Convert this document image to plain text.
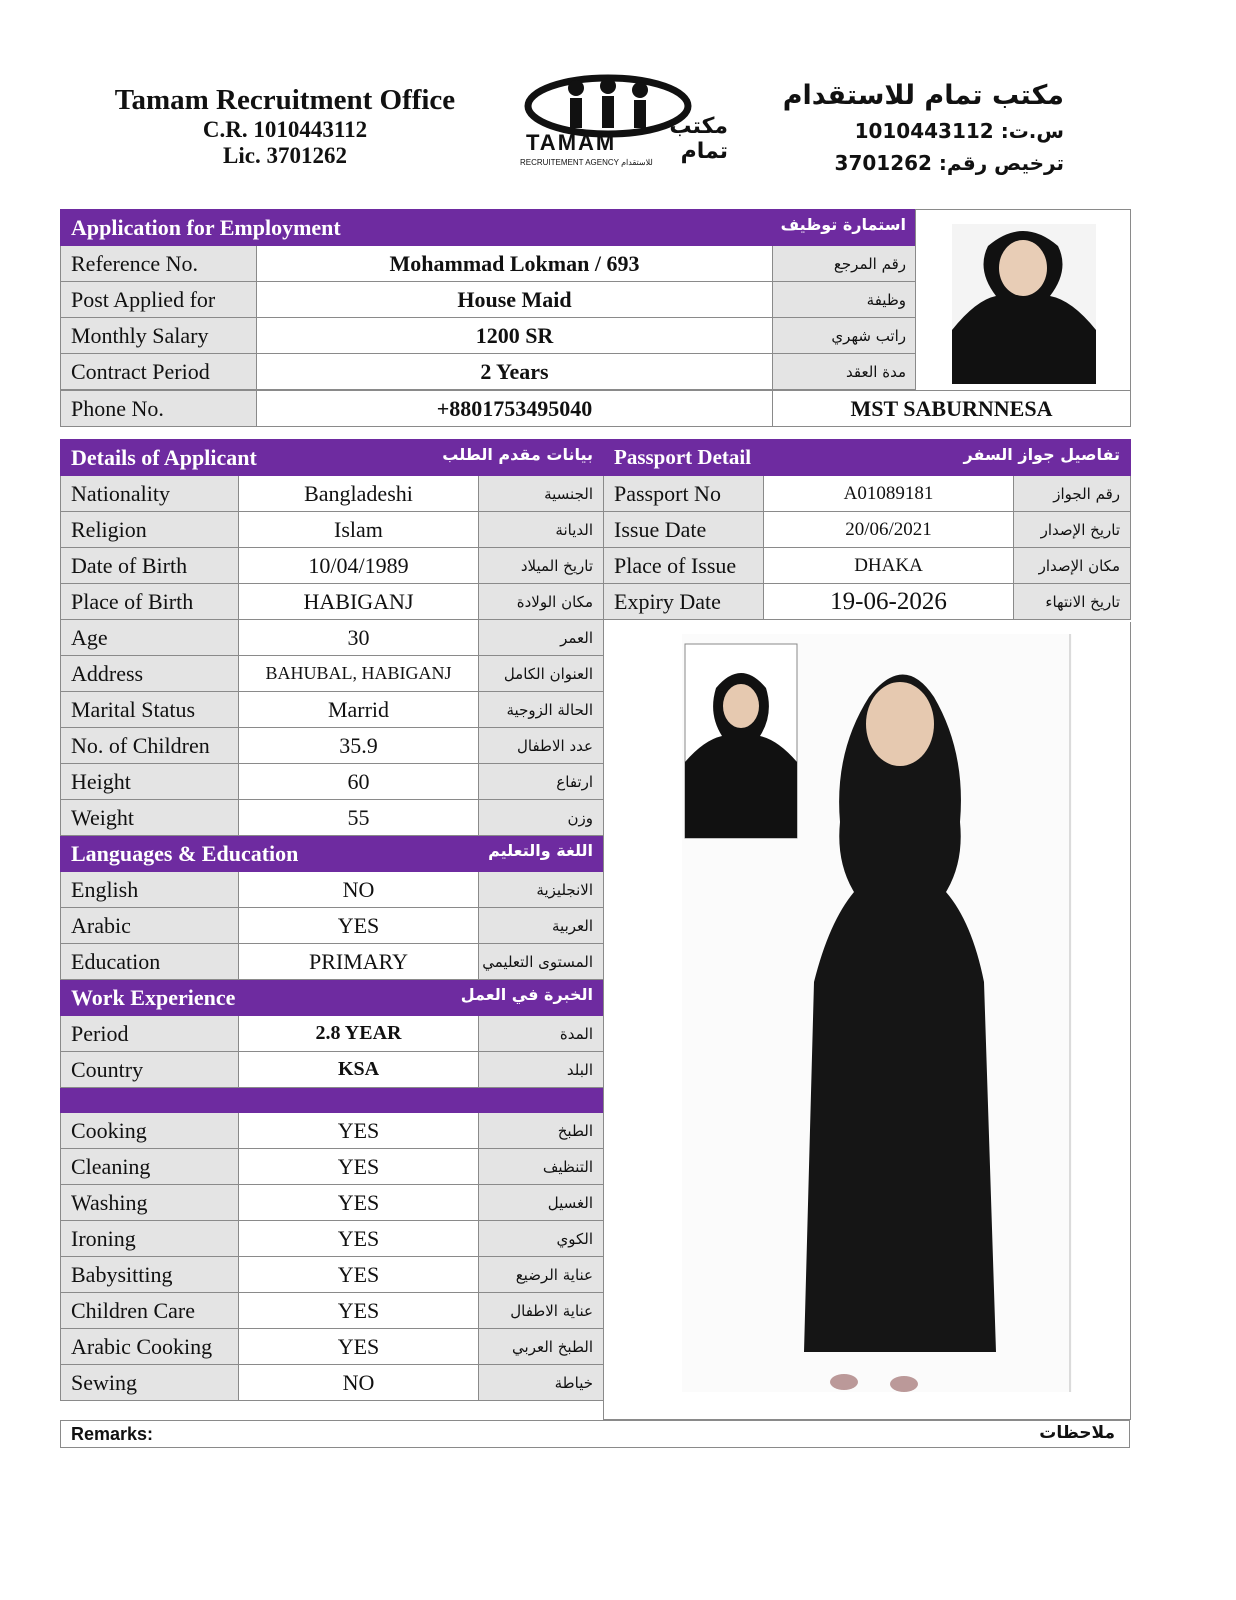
Tamam Recruitment Office
C.R. 1010443112
Lic. 3701262
TAMAM
مكتب تمام
RECRUITEMENT AGENCY للاستقدام
مكتب تمام للاستقدام
س.ت: 1010443112
ترخيص رقم: 3701262
Application for Employment استمارة توظيف		

Reference No.	Mohammad Lokman / 693	رقم المرجع
Post Applied for	House Maid	وظيفة
Monthly Salary	1200 SR	راتب شهري
Contract Period	2 Years	مدة العقد
Phone No.	+8801753495040	MST SABURNNESA
Details of Applicant بيانات مقدم الطلب		

Nationality	Bangladeshi	الجنسية
Religion	Islam	الديانة
Date of Birth	10/04/1989	تاريخ الميلاد
Place of Birth	HABIGANJ	مكان الولادة
Age	30	العمر
Address	BAHUBAL, HABIGANJ	العنوان الكامل
Marital Status	Marrid	الحالة الزوجية
No. of Children	35.9	عدد الاطفال
Height	60	ارتفاع
Weight	55	وزن
Languages & Education اللغة والتعليم		

English	NO	الانجليزية
Arabic	YES	العربية
Education	PRIMARY	المستوى التعليمي
Work Experience الخبرة في العمل		

Period	2.8 YEAR	المدة
Country	KSA	البلد

Cooking	YES	الطبخ
Cleaning	YES	التنظيف
Washing	YES	الغسيل
Ironing	YES	الكوي
Babysitting	YES	عناية الرضيع
Children Care	YES	عناية الاطفال
Arabic Cooking	YES	الطبخ العربي
Sewing	NO	خياطة
Passport Detail تفاصيل جواز السفر		

Passport No	A01089181	رقم الجواز
Issue Date	20/06/2021	تاريخ الإصدار
Place of Issue	DHAKA	مكان الإصدار
Expiry Date	19-06-2026	تاريخ الانتهاء
Remarks:	ملاحظات
